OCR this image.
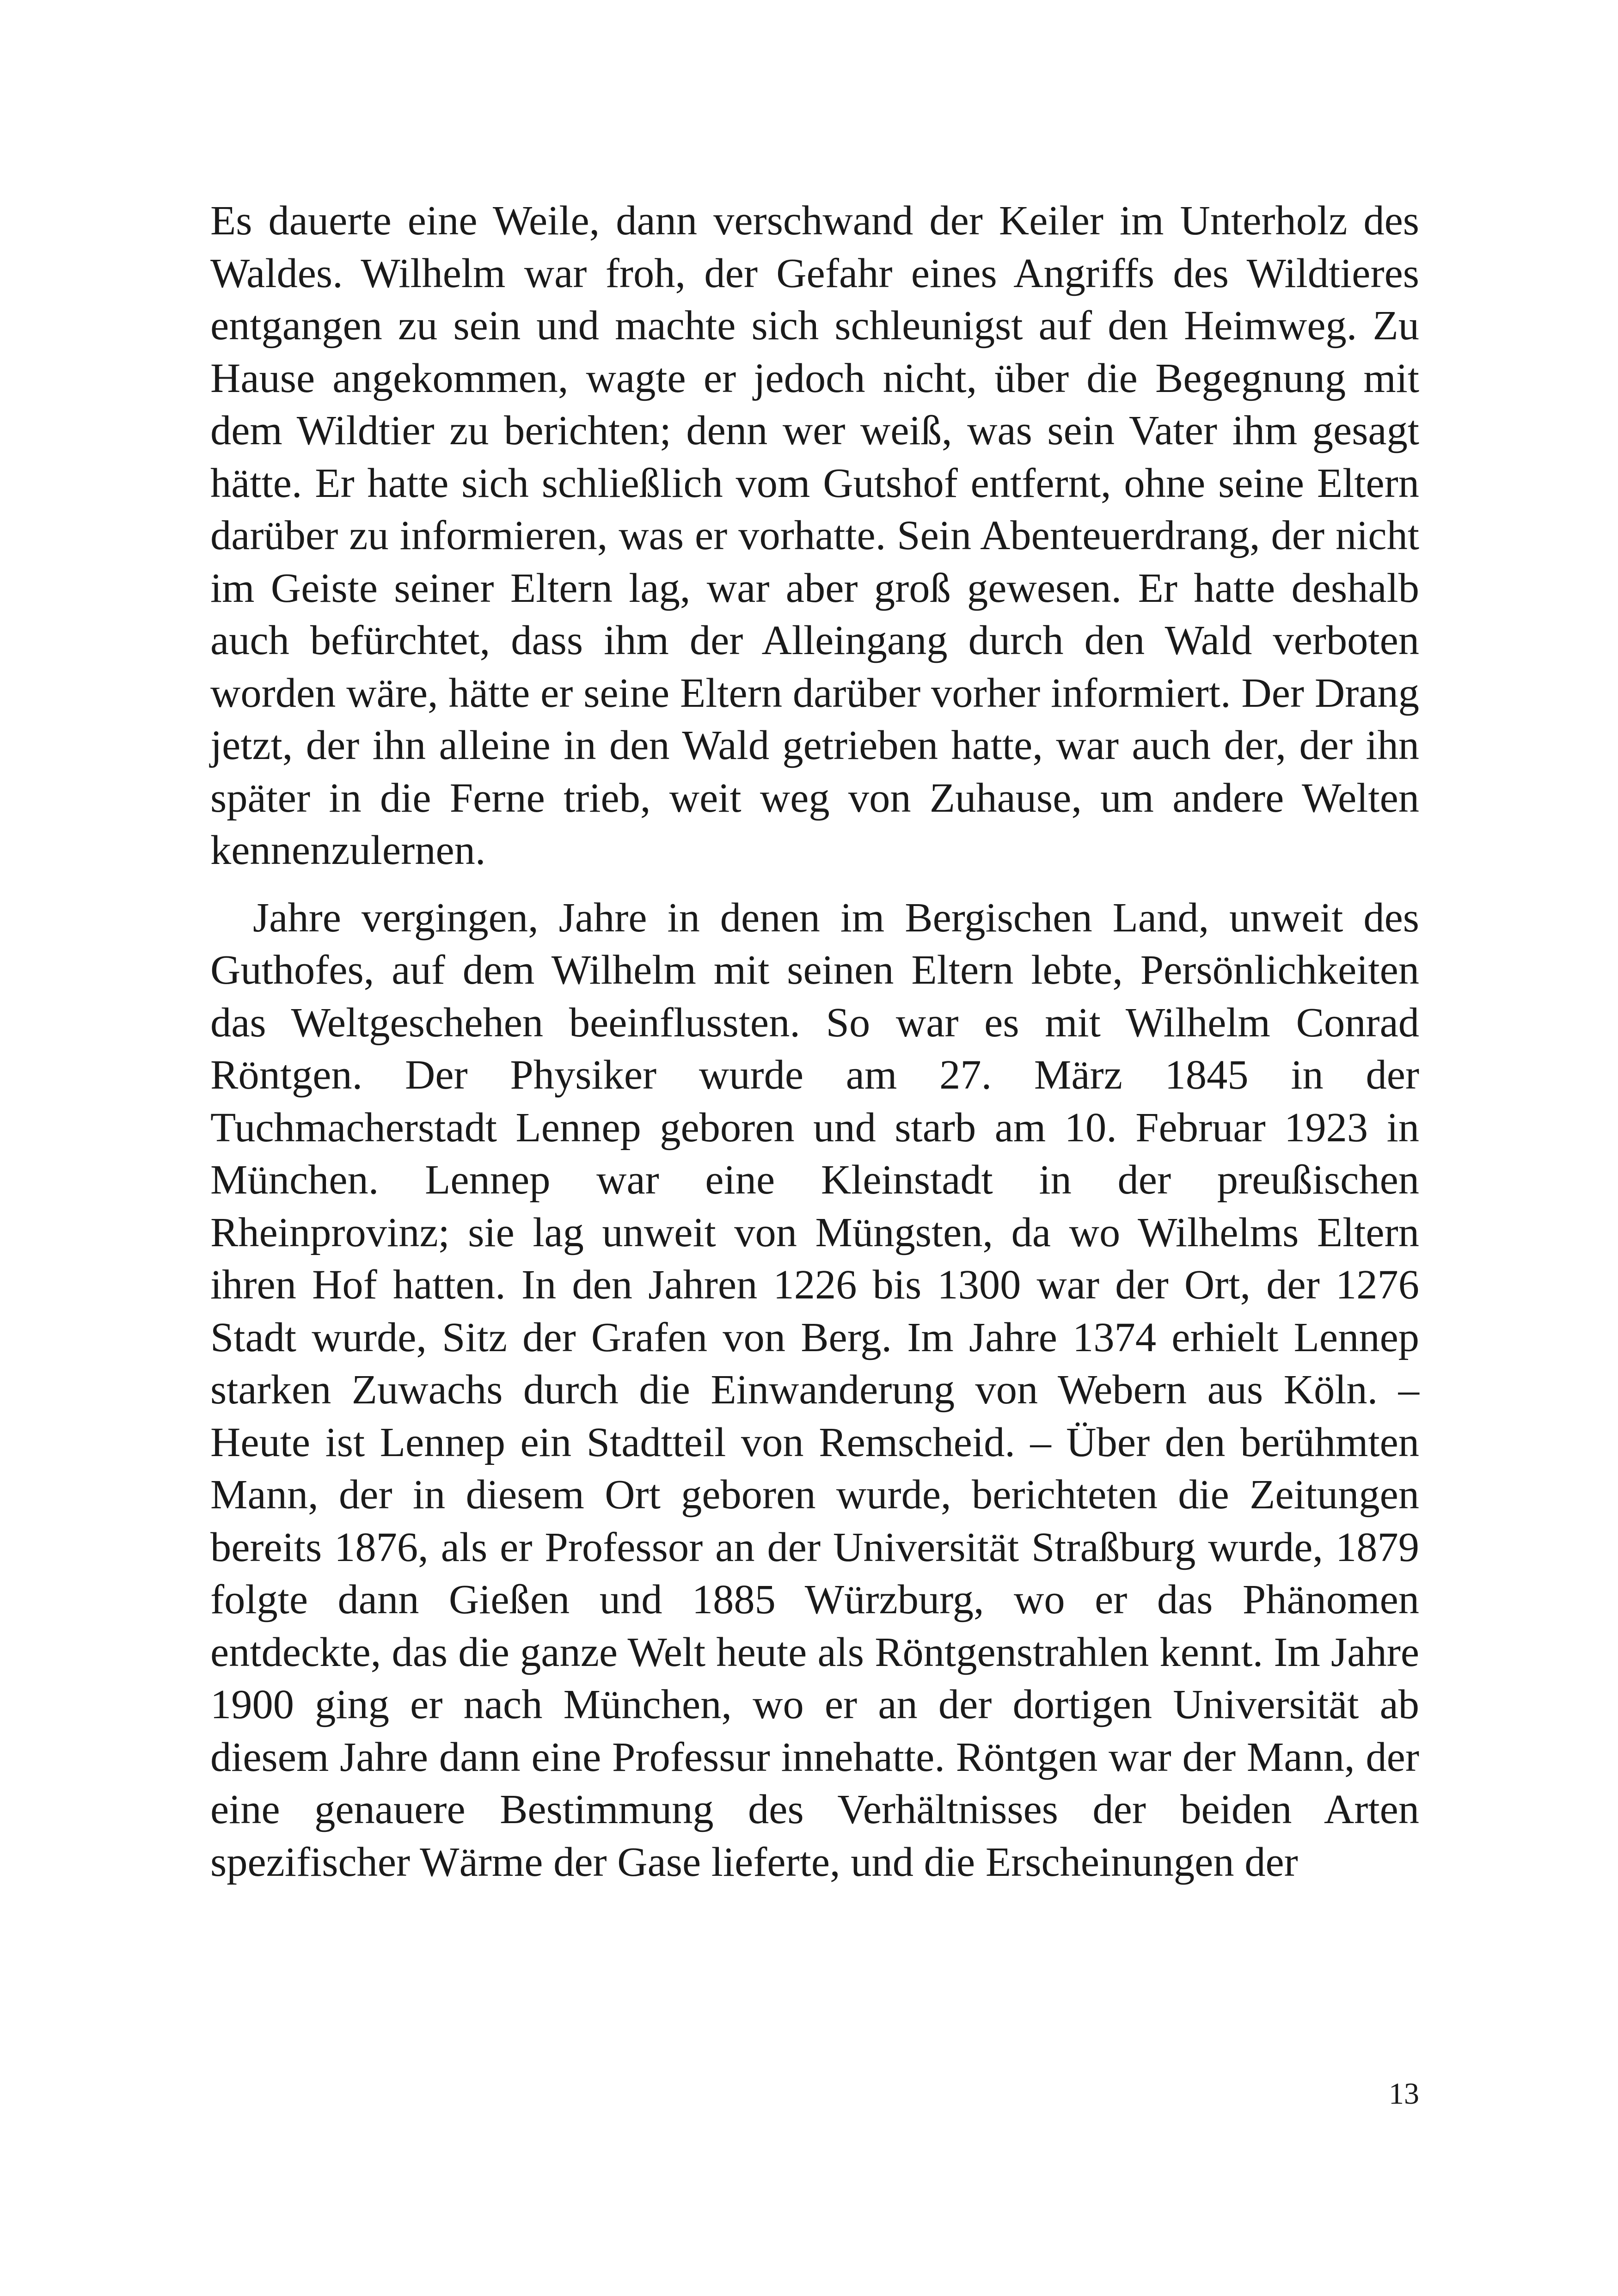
Es dauerte eine Weile, dann verschwand der Keiler im Unterholz des Waldes. Wilhelm war froh, der Gefahr eines Angriffs des Wildtieres entgangen zu sein und machte sich schleunigst auf den Heimweg. Zu Hause angekommen, wagte er jedoch nicht, über die Begegnung mit dem Wildtier zu berichten; denn wer weiß, was sein Vater ihm gesagt hätte. Er hatte sich schließlich vom Gutshof entfernt, ohne seine Eltern darüber zu informieren, was er vorhatte. Sein Abenteuerdrang, der nicht im Geiste seiner Eltern lag, war aber groß gewesen. Er hatte deshalb auch befürchtet, dass ihm der Alleingang durch den Wald verboten worden wäre, hätte er seine Eltern darüber vorher informiert. Der Drang jetzt, der ihn alleine in den Wald getrieben hatte, war auch der, der ihn später in die Ferne trieb, weit weg von Zuhause, um andere Welten kennenzulernen.

Jahre vergingen, Jahre in denen im Bergischen Land, unweit des Guthofes, auf dem Wilhelm mit seinen Eltern lebte, Persönlichkeiten das Weltgeschehen beeinflussten. So war es mit Wilhelm Conrad Röntgen. Der Physiker wurde am 27. März 1845 in der Tuchmacherstadt Lennep geboren und starb am 10. Februar 1923 in München. Lennep war eine Kleinstadt in der preußischen Rheinprovinz; sie lag unweit von Müngsten, da wo Wilhelms Eltern ihren Hof hatten. In den Jahren 1226 bis 1300 war der Ort, der 1276 Stadt wurde, Sitz der Grafen von Berg. Im Jahre 1374 erhielt Lennep starken Zuwachs durch die Einwanderung von Webern aus Köln. – Heute ist Lennep ein Stadtteil von Remscheid. – Über den berühmten Mann, der in diesem Ort geboren wurde, berichteten die Zeitungen bereits 1876, als er Professor an der Universität Straßburg wurde, 1879 folgte dann Gießen und 1885 Würzburg, wo er das Phänomen entdeckte, das die ganze Welt heute als Röntgenstrahlen kennt. Im Jahre 1900 ging er nach München, wo er an der dortigen Universität ab diesem Jahre dann eine Professur innehatte. Röntgen war der Mann, der eine genauere Bestimmung des Verhältnisses der beiden Arten spezifischer Wärme der Gase lieferte, und die Erscheinungen der

13
